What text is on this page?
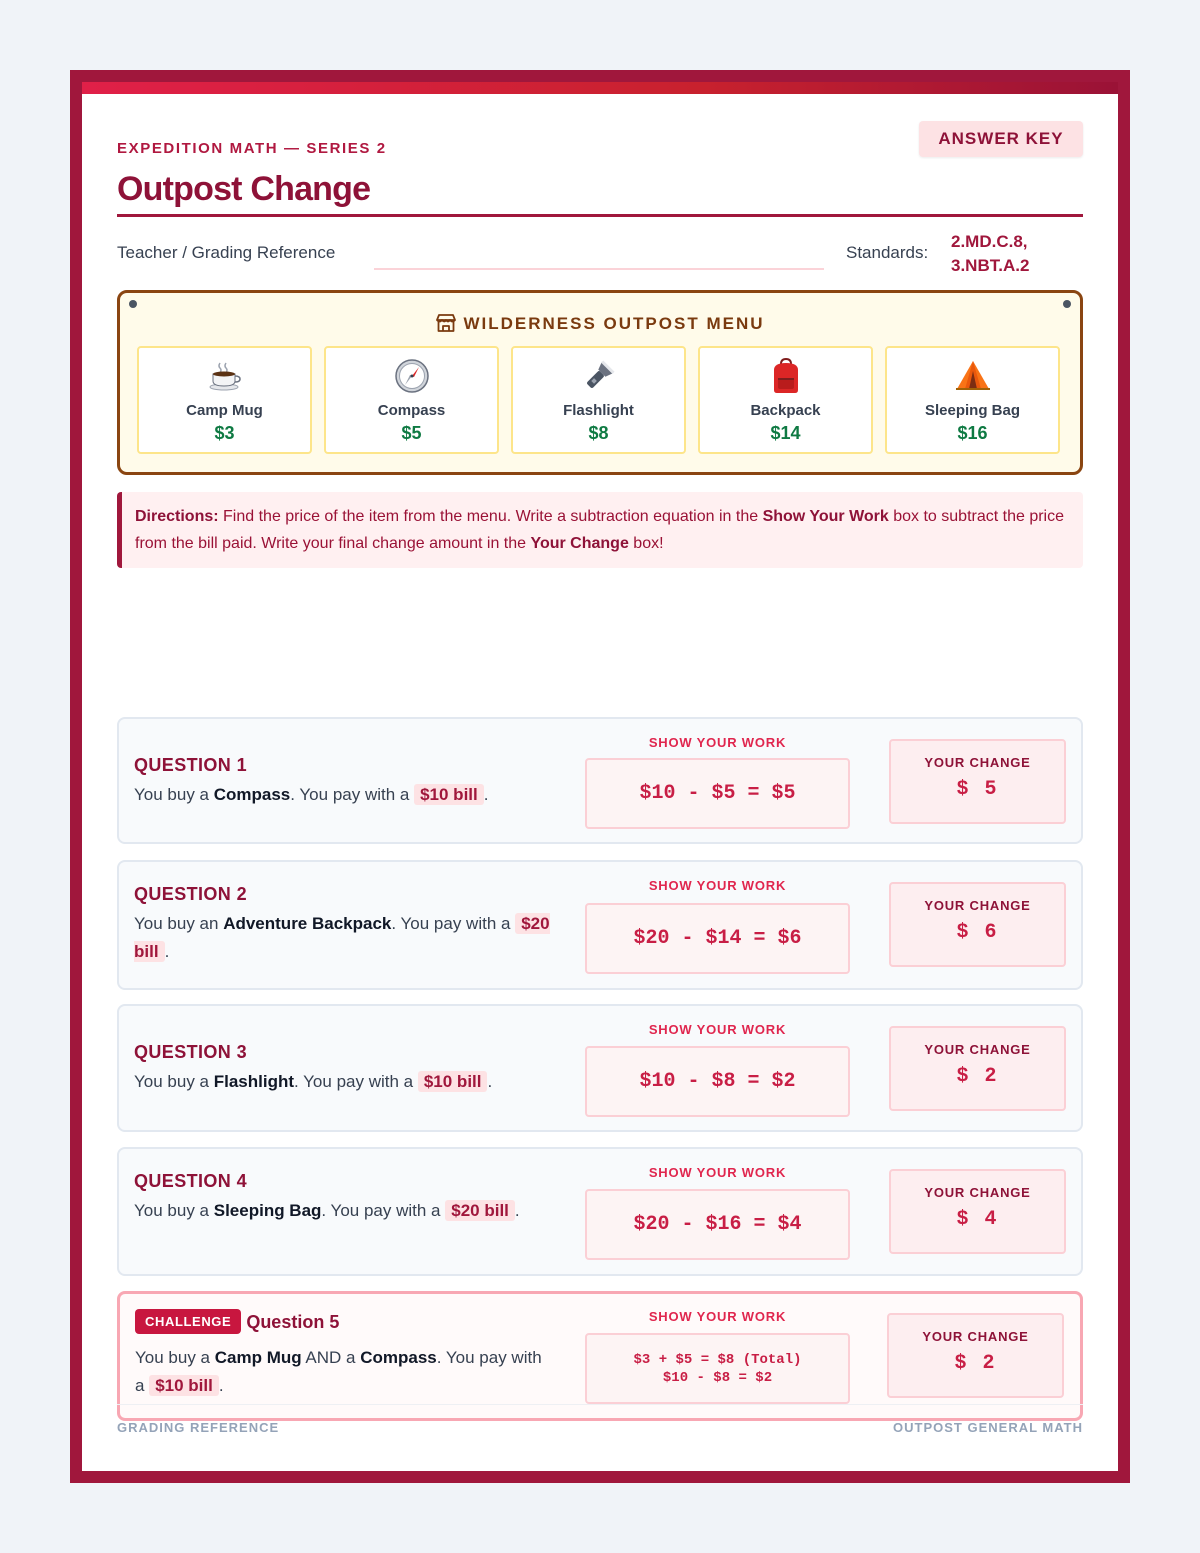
EXPEDITION MATH — SERIES 2
Outpost Change
ANSWER KEY
Teacher / Grading Reference	Standards:
2.MD.C.8,
3.NBT.A.2
WILDERNESS OUTPOST MENU
Camp Mug
$3
Compass
$5
Flashlight
$8
Backpack
$14
Sleeping Bag
$16
Directions: Find the price of the item from the menu. Write a subtraction equation in the Show Your Work box to subtract the price from the bill paid. Write your final change amount in the Your Change box!
QUESTION 1
You buy a Compass. You pay with a $10 bill .
SHOW YOUR WORK
$10 - $5 = $5
YOUR CHANGE
$ 5
QUESTION 2
You buy an Adventure Backpack. You pay with a $20 bill .
SHOW YOUR WORK
$20 - $14 = $6
YOUR CHANGE
$ 6
QUESTION 3
You buy a Flashlight. You pay with a $10 bill .
SHOW YOUR WORK
$10 - $8 = $2
YOUR CHANGE
$ 2
QUESTION 4
You buy a Sleeping Bag. You pay with a $20 bill .
SHOW YOUR WORK
$20 - $16 = $4
YOUR CHANGE
$ 4
CHALLENGE Question 5
You buy a Camp Mug AND a Compass. You pay with a $10 bill .
SHOW YOUR WORK
$3 + $5 = $8 (Total)
$10 - $8 = $2
YOUR CHANGE
$ 2
GRADING REFERENCE	OUTPOST GENERAL MATH
